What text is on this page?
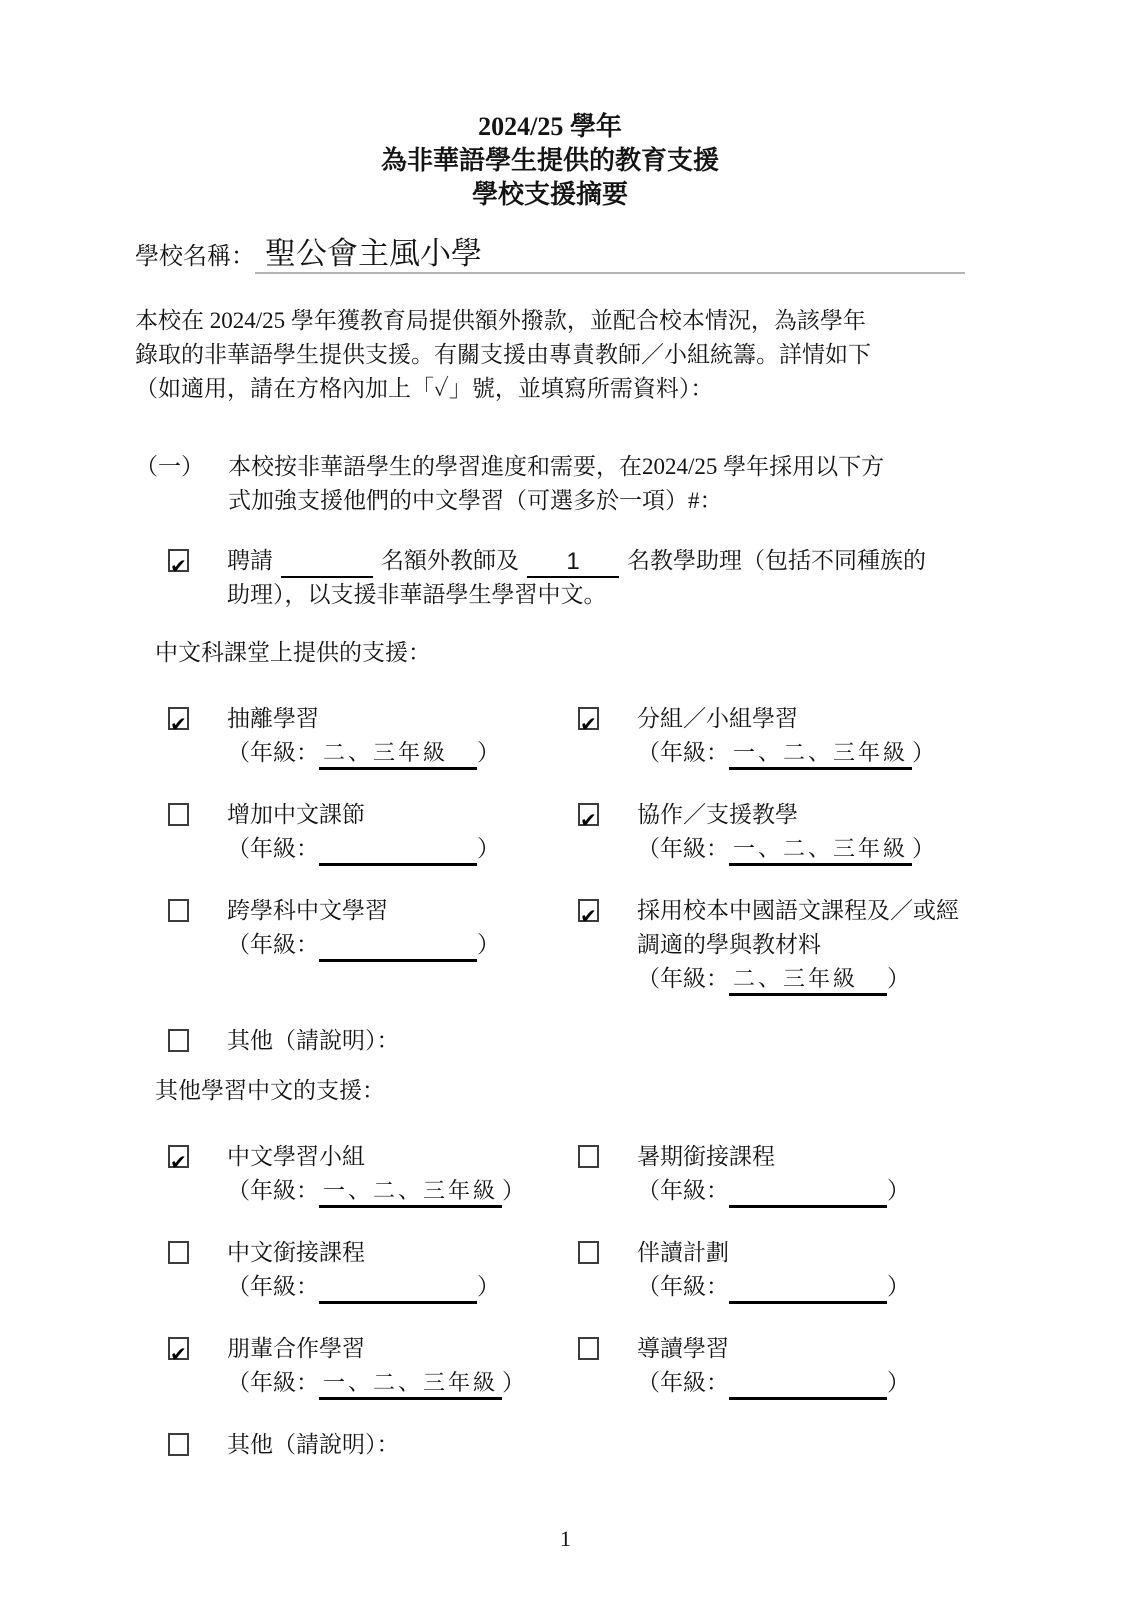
2024/25 學年
為非華語學生提供的教育支援
學校支援摘要
學校名稱： 聖公會主風小學
本校在 2024/25 學年獲教育局提供額外撥款，並配合校本情況，為該學年
錄取的非華語學生提供支援。有關支援由專責教師／小組統籌。詳情如下
（如適用，請在方格內加上「✓」號，並填寫所需資料）：
（一）	本校按非華語學生的學習進度和需要，在2024/25 學年採用以下方
式加強支援他們的中文學習（可選多於一項）#：
✔
聘請	名額外教師及 1 名教學助理（包括不同種族的
助理），以支援非華語學生學習中文。
中文科課堂上提供的支援：
✔
抽離學習
（年級： 二、三年級 ）
✔
分組／小組學習
（年級： 一、二、三年級 ）
增加中文課節
（年級：	）
✔
協作／支援教學
（年級： 一、二、三年級 ）
跨學科中文學習
（年級：	）
✔
採用校本中國語文課程及／或經調適的學與教材料
（年級： 二、三年級 ）
其他（請說明）：
其他學習中文的支援：
✔
中文學習小組
（年級： 一、二、三年級 ）
暑期銜接課程
（年級：	）
中文銜接課程
（年級：	）
伴讀計劃
（年級：	）
✔
朋輩合作學習
（年級： 一、二、三年級 ）
導讀學習
（年級：	）
其他（請說明）：
1
